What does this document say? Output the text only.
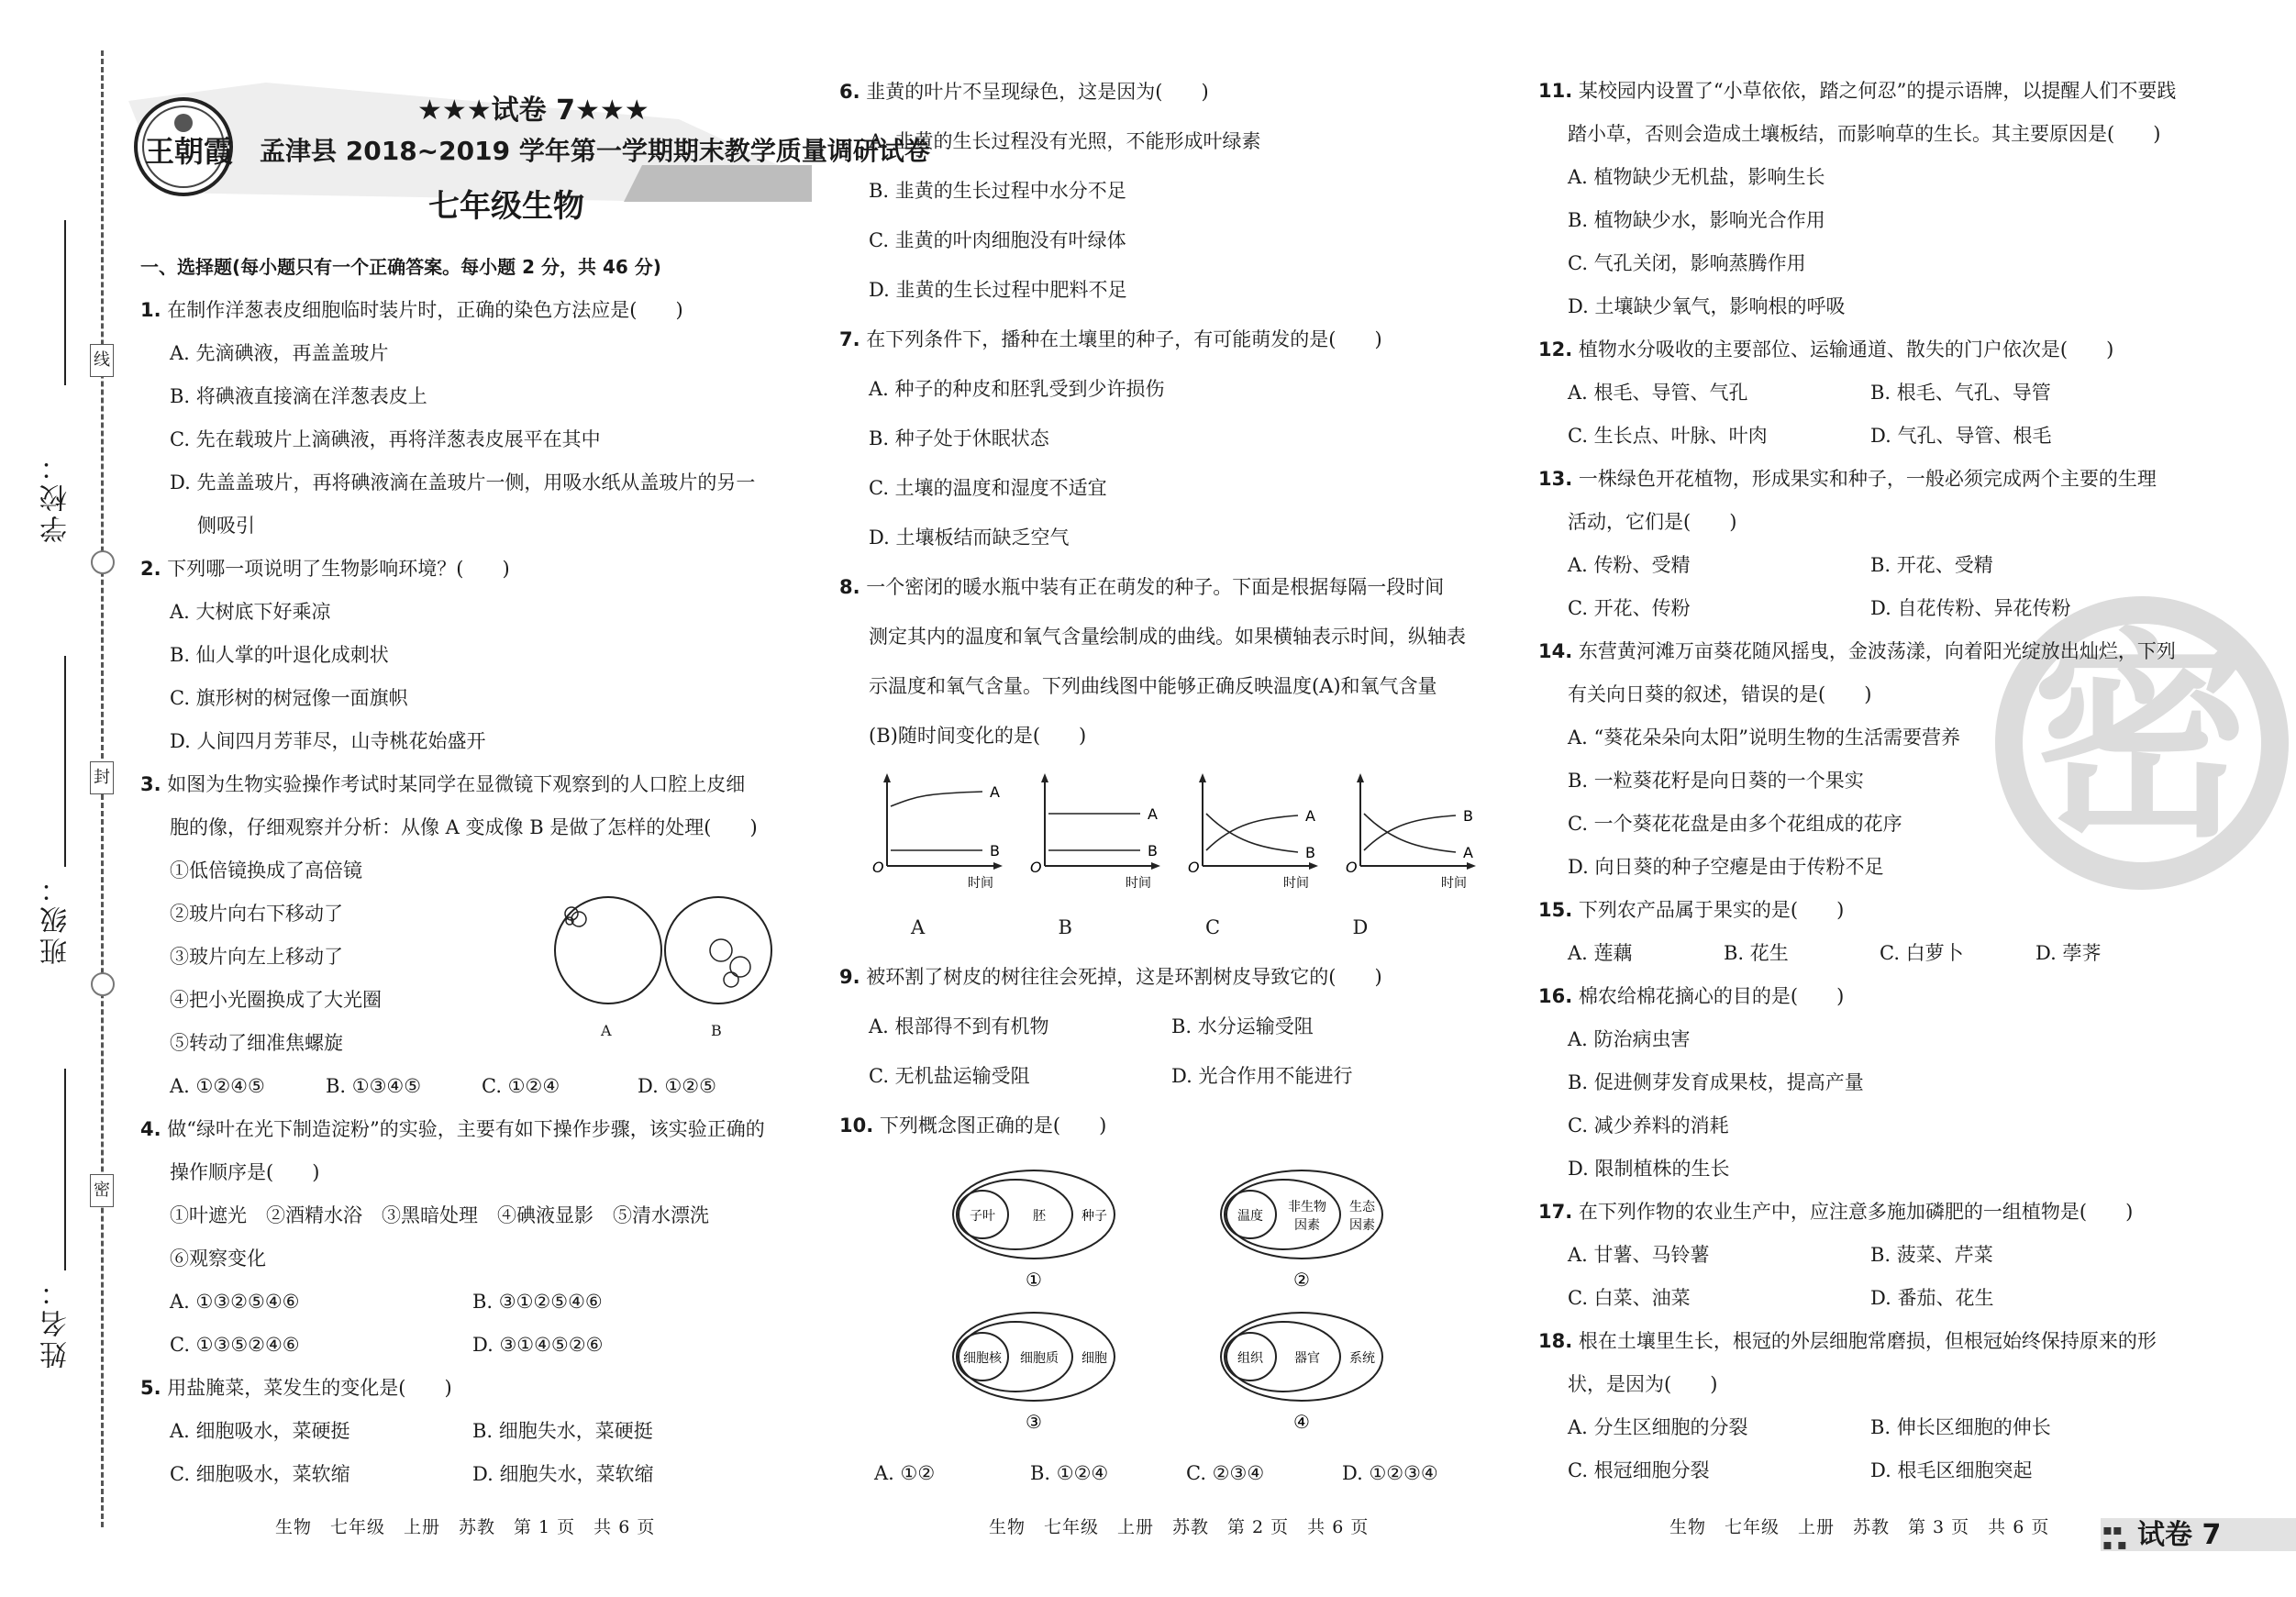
学校：
班级：
姓名：
线
封
密
王朝霞
★★★试卷 7★★★
孟津县 2018~2019 学年第一学期期末教学质量调研试卷
七年级生物
一、选择题(每小题只有一个正确答案。每小题 2 分，共 46 分)
1. 在制作洋葱表皮细胞临时装片时，正确的染色方法应是(　　)
A. 先滴碘液，再盖盖玻片
B. 将碘液直接滴在洋葱表皮上
C. 先在载玻片上滴碘液，再将洋葱表皮展平在其中
D. 先盖盖玻片，再将碘液滴在盖玻片一侧，用吸水纸从盖玻片的另一
侧吸引
2. 下列哪一项说明了生物影响环境？(　　)
A. 大树底下好乘凉
B. 仙人掌的叶退化成刺状
C. 旗形树的树冠像一面旗帜
D. 人间四月芳菲尽，山寺桃花始盛开
3. 如图为生物实验操作考试时某同学在显微镜下观察到的人口腔上皮细
胞的像，仔细观察并分析：从像 A 变成像 B 是做了怎样的处理(　　)
①低倍镜换成了高倍镜
②玻片向右下移动了
③玻片向左上移动了
④把小光圈换成了大光圈
⑤转动了细准焦螺旋
A	B
A. ①②④⑤	B. ①③④⑤	C. ①②④	D. ①②⑤
4. 做“绿叶在光下制造淀粉”的实验，主要有如下操作步骤，该实验正确的
操作顺序是(　　)
①叶遮光　②酒精水浴　③黑暗处理　④碘液显影　⑤清水漂洗
⑥观察变化
A. ①③②⑤④⑥	B. ③①②⑤④⑥
C. ①③⑤②④⑥	D. ③①④⑤②⑥
5. 用盐腌菜，菜发生的变化是(　　)
A. 细胞吸水，菜硬挺	B. 细胞失水，菜硬挺
C. 细胞吸水，菜软缩	D. 细胞失水，菜软缩
6. 韭黄的叶片不呈现绿色，这是因为(　　)
A. 韭黄的生长过程没有光照，不能形成叶绿素
B. 韭黄的生长过程中水分不足
C. 韭黄的叶肉细胞没有叶绿体
D. 韭黄的生长过程中肥料不足
7. 在下列条件下，播种在土壤里的种子，有可能萌发的是(　　)
A. 种子的种皮和胚乳受到少许损伤
B. 种子处于休眠状态
C. 土壤的温度和湿度不适宜
D. 土壤板结而缺乏空气
8. 一个密闭的暖水瓶中装有正在萌发的种子。下面是根据每隔一段时间
测定其内的温度和氧气含量绘制成的曲线。如果横轴表示时间，纵轴表
示温度和氧气含量。下列曲线图中能够正确反映温度(A)和氧气含量
(B)随时间变化的是(　　)
A
B
O
时间
A
B
O
时间
A
B
O
时间
A
B
O
时间
A	B	C	D
9. 被环割了树皮的树往往会死掉，这是环割树皮导致它的(　　)
A. 根部得不到有机物	B. 水分运输受阻
C. 无机盐运输受阻	D. 光合作用不能进行
10. 下列概念图正确的是(　　)
子叶	胚	种子
①
温度
非生物
因素
生态
因素
②
细胞核 细胞质 细胞
③
组织 器官 系统
④
A. ①②	B. ①②④	C. ②③④	D. ①②③④
密
11. 某校园内设置了“小草依依，踏之何忍”的提示语牌，以提醒人们不要践
踏小草，否则会造成土壤板结，而影响草的生长。其主要原因是(　　)
A. 植物缺少无机盐，影响生长
B. 植物缺少水，影响光合作用
C. 气孔关闭，影响蒸腾作用
D. 土壤缺少氧气，影响根的呼吸
12. 植物水分吸收的主要部位、运输通道、散失的门户依次是(　　)
A. 根毛、导管、气孔	B. 根毛、气孔、导管
C. 生长点、叶脉、叶肉	D. 气孔、导管、根毛
13. 一株绿色开花植物，形成果实和种子，一般必须完成两个主要的生理
活动，它们是(　　)
A. 传粉、受精	B. 开花、受精
C. 开花、传粉	D. 自花传粉、异花传粉
14. 东营黄河滩万亩葵花随风摇曳，金波荡漾，向着阳光绽放出灿烂，下列
有关向日葵的叙述，错误的是(　　)
A. “葵花朵朵向太阳”说明生物的生活需要营养
B. 一粒葵花籽是向日葵的一个果实
C. 一个葵花花盘是由多个花组成的花序
D. 向日葵的种子空瘪是由于传粉不足
15. 下列农产品属于果实的是(　　)
A. 莲藕	B. 花生	C. 白萝卜	D. 荸荠
16. 棉农给棉花摘心的目的是(　　)
A. 防治病虫害
B. 促进侧芽发育成果枝，提高产量
C. 减少养料的消耗
D. 限制植株的生长
17. 在下列作物的农业生产中，应注意多施加磷肥的一组植物是(　　)
A. 甘薯、马铃薯	B. 菠菜、芹菜
C. 白菜、油菜	D. 番茄、花生
18. 根在土壤里生长，根冠的外层细胞常磨损，但根冠始终保持原来的形
状，是因为(　　)
A. 分生区细胞的分裂	B. 伸长区细胞的伸长
C. 根冠细胞分裂	D. 根毛区细胞突起
生物　七年级　上册　苏教　第 1 页　共 6 页	生物　七年级　上册　苏教　第 2 页　共 6 页	生物　七年级　上册　苏教　第 3 页　共 6 页	▪▪
▪ ▪ 试卷 7
